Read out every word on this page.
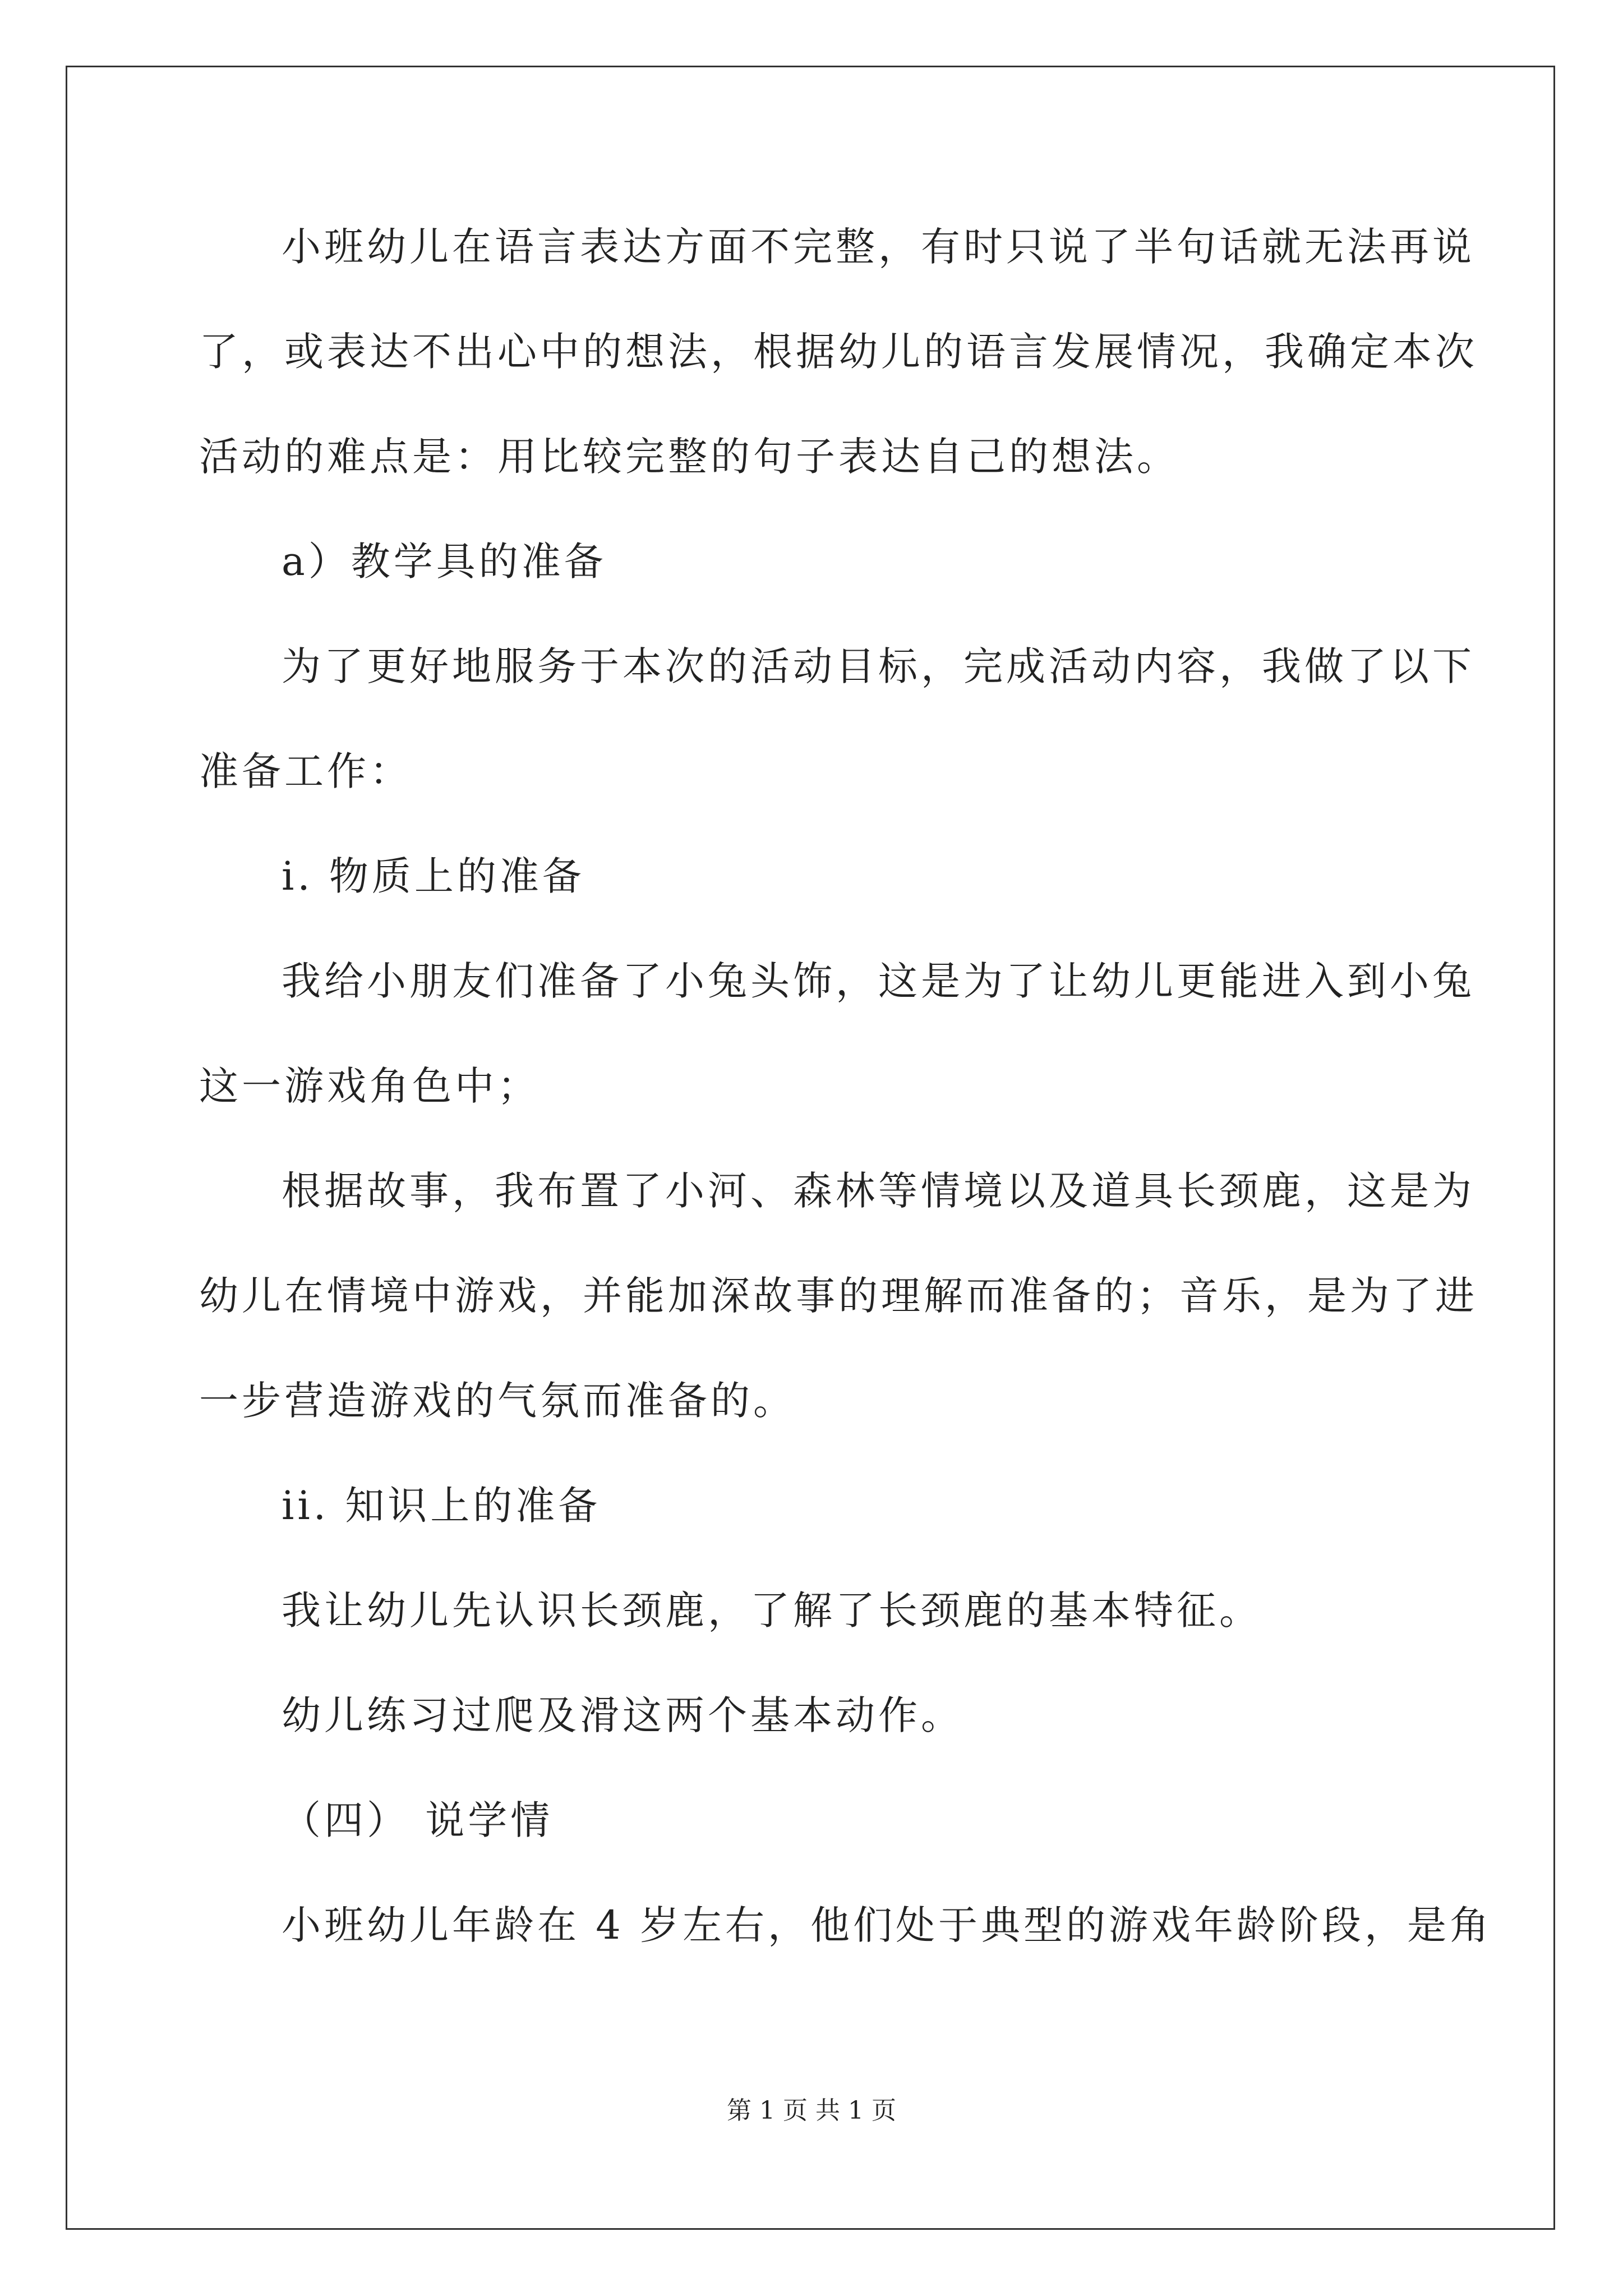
小班幼儿在语言表达方面不完整，有时只说了半句话就无法再说
了，或表达不出心中的想法，根据幼儿的语言发展情况，我确定本次
活动的难点是：用比较完整的句子表达自己的想法。
a）教学具的准备
为了更好地服务于本次的活动目标，完成活动内容，我做了以下
准备工作：
i. 物质上的准备
我给小朋友们准备了小兔头饰，这是为了让幼儿更能进入到小兔
这一游戏角色中；
根据故事，我布置了小河、森林等情境以及道具长颈鹿，这是为
幼儿在情境中游戏，并能加深故事的理解而准备的；音乐，是为了进
一步营造游戏的气氛而准备的。
ii. 知识上的准备
我让幼儿先认识长颈鹿，了解了长颈鹿的基本特征。
幼儿练习过爬及滑这两个基本动作。
（四） 说学情
小班幼儿年龄在 4 岁左右，他们处于典型的游戏年龄阶段，是角
第 1 页 共 1 页
